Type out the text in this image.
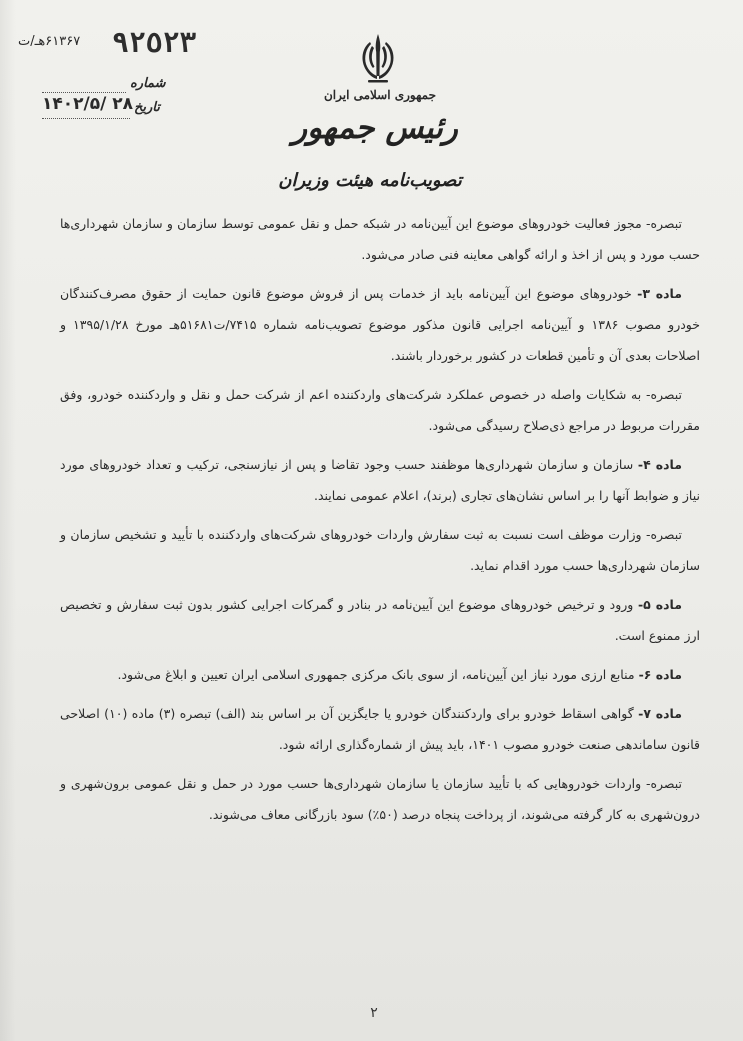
۶۱۳۶۷هـ/ت ٩٢٥٢٣
شماره
۱۴۰۲/۵/ ۲۸ تاریخ
جمهوری اسلامی ایران
رئیس جمهور
تصویب‌نامه هیئت وزیران

تبصره- مجوز فعالیت خودروهای موضوع این آیین‌نامه در شبکه حمل و نقل عمومی توسط سازمان و سازمان شهرداری‌ها حسب مورد و پس از اخذ و ارائه گواهی معاینه فنی صادر می‌شود.

ماده ۳- خودروهای موضوع این آیین‌نامه باید از خدمات پس از فروش موضوع قانون حمایت از حقوق مصرف‌کنندگان خودرو مصوب ۱۳۸۶ و آیین‌نامه اجرایی قانون مذکور موضوع تصویب‌نامه شماره ۷۴۱۵/ت۵۱۶۸۱هـ مورخ ۱۳۹۵/۱/۲۸ و اصلاحات بعدی آن و تأمین قطعات در کشور برخوردار باشند.

تبصره- به شکایات واصله در خصوص عملکرد شرکت‌های واردکننده اعم از شرکت حمل و نقل و واردکننده خودرو، وفق مقررات مربوط در مراجع ذی‌صلاح رسیدگی می‌شود.

ماده ۴- سازمان و سازمان شهرداری‌ها موظفند حسب وجود تقاضا و پس از نیازسنجی، ترکیب و تعداد خودروهای مورد نیاز و ضوابط آنها را بر اساس نشان‌های تجاری (برند)، اعلام عمومی نمایند.

تبصره- وزارت موظف است نسبت به ثبت سفارش واردات خودروهای شرکت‌های واردکننده با تأیید و تشخیص سازمان و سازمان شهرداری‌ها حسب مورد اقدام نماید.

ماده ۵- ورود و ترخیص خودروهای موضوع این آیین‌نامه در بنادر و گمرکات اجرایی کشور بدون ثبت سفارش و تخصیص ارز ممنوع است.

ماده ۶- منابع ارزی مورد نیاز این آیین‌نامه، از سوی بانک مرکزی جمهوری اسلامی ایران تعیین و ابلاغ می‌شود.

ماده ۷- گواهی اسقاط خودرو برای واردکنندگان خودرو یا جایگزین آن بر اساس بند (الف) تبصره (۳) ماده (۱۰) اصلاحی قانون ساماندهی صنعت خودرو مصوب ۱۴۰۱، باید پیش از شماره‌گذاری ارائه شود.

تبصره- واردات خودروهایی که با تأیید سازمان یا سازمان شهرداری‌ها حسب مورد در حمل و نقل عمومی برون‌شهری و درون‌شهری به کار گرفته می‌شوند، از پرداخت پنجاه درصد (۵۰٪) سود بازرگانی معاف می‌شوند.

۲
